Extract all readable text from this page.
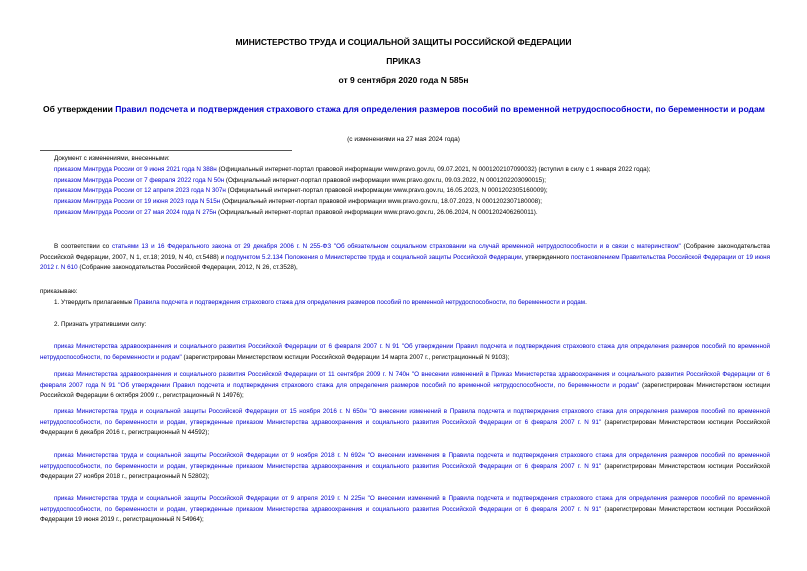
МИНИСТЕРСТВО ТРУДА И СОЦИАЛЬНОЙ ЗАЩИТЫ РОССИЙСКОЙ ФЕДЕРАЦИИ
ПРИКАЗ
от 9 сентября 2020 года N 585н
Об утверждении Правил подсчета и подтверждения страхового стажа для определения размеров пособий по временной нетрудоспособности, по беременности и родам
(с изменениями на 27 мая 2024 года)
Документ с изменениями, внесенными:
приказом Минтруда России от 9 июня 2021 года N 388н (Официальный интернет-портал правовой информации www.pravo.gov.ru, 09.07.2021, N 0001202107090032) (вступил в силу с 1 января 2022 года);
приказом Минтруда России от 7 февраля 2022 года N 50н (Официальный интернет-портал правовой информации www.pravo.gov.ru, 09.03.2022, N 0001202203090015);
приказом Минтруда России от 12 апреля 2023 года N 307н (Официальный интернет-портал правовой информации www.pravo.gov.ru, 16.05.2023, N 0001202305160009);
приказом Минтруда России от 19 июня 2023 года N 515н (Официальный интернет-портал правовой информации www.pravo.gov.ru, 18.07.2023, N 0001202307180008);
приказом Минтруда России от 27 мая 2024 года N 275н (Официальный интернет-портал правовой информации www.pravo.gov.ru, 26.06.2024, N 0001202406260011).
В соответствии со статьями 13 и 16 Федерального закона от 29 декабря 2006 г. N 255-ФЗ "Об обязательном социальном страховании на случай временной нетрудоспособности и в связи с материнством" (Собрание законодательства Российской Федерации, 2007, N 1, ст.18; 2019, N 40, ст.5488) и подпунктом 5.2.134 Положения о Министерстве труда и социальной защиты Российской Федерации, утвержденного постановлением Правительства Российской Федерации от 19 июня 2012 г. N 610 (Собрание законодательства Российской Федерации, 2012, N 26, ст.3528),
приказываю:
1. Утвердить прилагаемые Правила подсчета и подтверждения страхового стажа для определения размеров пособий по временной нетрудоспособности, по беременности и родам.
2. Признать утратившими силу:
приказ Министерства здравоохранения и социального развития Российской Федерации от 6 февраля 2007 г. N 91 "Об утверждении Правил подсчета и подтверждения страхового стажа для определения размеров пособий по временной нетрудоспособности, по беременности и родам" (зарегистрирован Министерством юстиции Российской Федерации 14 марта 2007 г., регистрационный N 9103);
приказ Министерства здравоохранения и социального развития Российской Федерации от 11 сентября 2009 г. N 740н "О внесении изменений в Приказ Министерства здравоохранения и социального развития Российской Федерации от 6 февраля 2007 года N 91 "Об утверждении Правил подсчета и подтверждения страхового стажа для определения размеров пособий по временной нетрудоспособности, по беременности и родам" (зарегистрирован Министерством юстиции Российской Федерации 6 октября 2009 г., регистрационный N 14976);
приказ Министерства труда и социальной защиты Российской Федерации от 15 ноября 2016 г. N 650н "О внесении изменений в Правила подсчета и подтверждения страхового стажа для определения размеров пособий по временной нетрудоспособности, по беременности и родам, утвержденные приказом Министерства здравоохранения и социального развития Российской Федерации от 6 февраля 2007 г. N 91" (зарегистрирован Министерством юстиции Российской Федерации 6 декабря 2016 г., регистрационный N 44592);
приказ Министерства труда и социальной защиты Российской Федерации от 9 ноября 2018 г. N 692н "О внесении изменения в Правила подсчета и подтверждения страхового стажа для определения размеров пособий по временной нетрудоспособности, по беременности и родам, утвержденные приказом Министерства здравоохранения и социального развития Российской Федерации от 6 февраля 2007 г. N 91" (зарегистрирован Министерством юстиции Российской Федерации 27 ноября 2018 г., регистрационный N 52802);
приказ Министерства труда и социальной защиты Российской Федерации от 9 апреля 2019 г. N 225н "О внесении изменений в Правила подсчета и подтверждения страхового стажа для определения размеров пособий по временной нетрудоспособности, по беременности и родам, утвержденные приказом Министерства здравоохранения и социального развития Российской Федерации от 6 февраля 2007 г. N 91" (зарегистрирован Министерством юстиции Российской Федерации 19 июня 2019 г., регистрационный N 54964);
